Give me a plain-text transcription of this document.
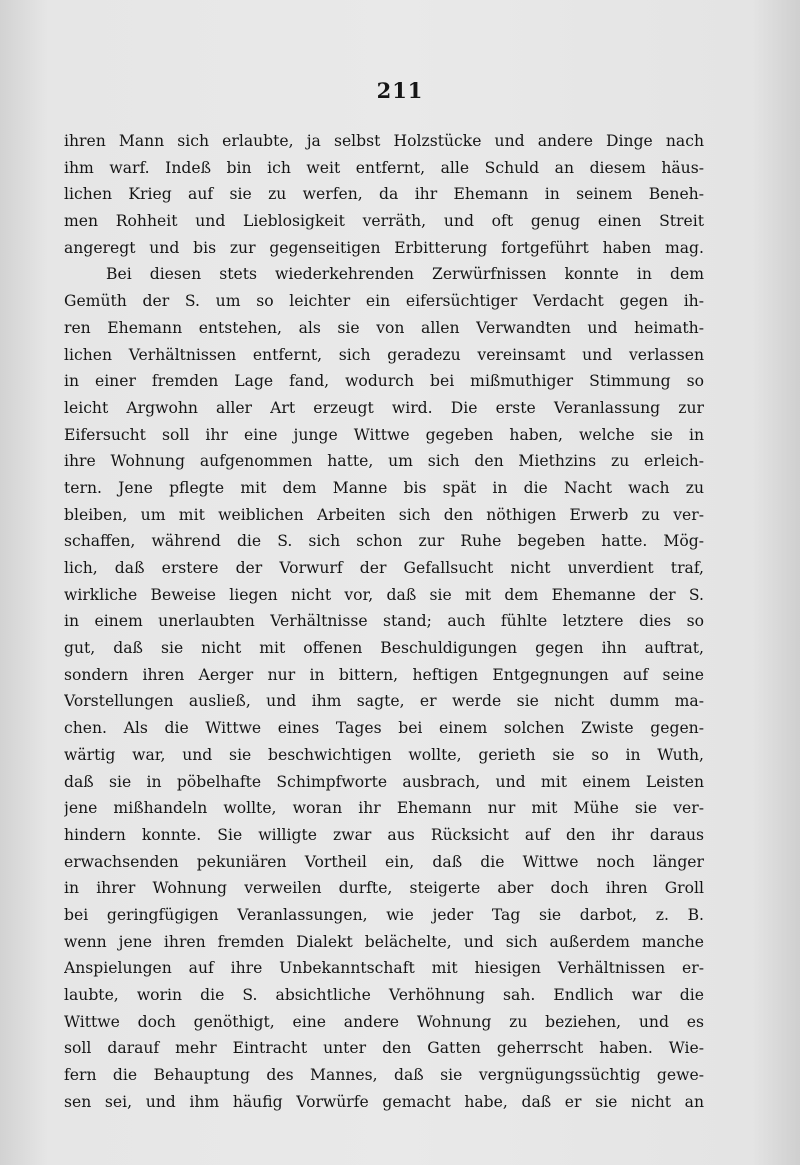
211
ihren Mann sich erlaubte, ja selbst Holzstücke und andere Dinge nach
ihm warf. Indeß bin ich weit entfernt, alle Schuld an diesem häus-
lichen Krieg auf sie zu werfen, da ihr Ehemann in seinem Beneh-
men Rohheit und Lieblosigkeit verräth, und oft genug einen Streit
angeregt und bis zur gegenseitigen Erbitterung fortgeführt haben mag.
Bei diesen stets wiederkehrenden Zerwürfnissen konnte in dem
Gemüth der S. um so leichter ein eifersüchtiger Verdacht gegen ih-
ren Ehemann entstehen, als sie von allen Verwandten und heimath-
lichen Verhältnissen entfernt, sich geradezu vereinsamt und verlassen
in einer fremden Lage fand, wodurch bei mißmuthiger Stimmung so
leicht Argwohn aller Art erzeugt wird. Die erste Veranlassung zur
Eifersucht soll ihr eine junge Wittwe gegeben haben, welche sie in
ihre Wohnung aufgenommen hatte, um sich den Miethzins zu erleich-
tern. Jene pflegte mit dem Manne bis spät in die Nacht wach zu
bleiben, um mit weiblichen Arbeiten sich den nöthigen Erwerb zu ver-
schaffen, während die S. sich schon zur Ruhe begeben hatte. Mög-
lich, daß erstere der Vorwurf der Gefallsucht nicht unverdient traf,
wirkliche Beweise liegen nicht vor, daß sie mit dem Ehemanne der S.
in einem unerlaubten Verhältnisse stand; auch fühlte letztere dies so
gut, daß sie nicht mit offenen Beschuldigungen gegen ihn auftrat,
sondern ihren Aerger nur in bittern, heftigen Entgegnungen auf seine
Vorstellungen ausließ, und ihm sagte, er werde sie nicht dumm ma-
chen. Als die Wittwe eines Tages bei einem solchen Zwiste gegen-
wärtig war, und sie beschwichtigen wollte, gerieth sie so in Wuth,
daß sie in pöbelhafte Schimpfworte ausbrach, und mit einem Leisten
jene mißhandeln wollte, woran ihr Ehemann nur mit Mühe sie ver-
hindern konnte. Sie willigte zwar aus Rücksicht auf den ihr daraus
erwachsenden pekuniären Vortheil ein, daß die Wittwe noch länger
in ihrer Wohnung verweilen durfte, steigerte aber doch ihren Groll
bei geringfügigen Veranlassungen, wie jeder Tag sie darbot, z. B.
wenn jene ihren fremden Dialekt belächelte, und sich außerdem manche
Anspielungen auf ihre Unbekanntschaft mit hiesigen Verhältnissen er-
laubte, worin die S. absichtliche Verhöhnung sah. Endlich war die
Wittwe doch genöthigt, eine andere Wohnung zu beziehen, und es
soll darauf mehr Eintracht unter den Gatten geherrscht haben. Wie-
fern die Behauptung des Mannes, daß sie vergnügungssüchtig gewe-
sen sei, und ihm häufig Vorwürfe gemacht habe, daß er sie nicht an
